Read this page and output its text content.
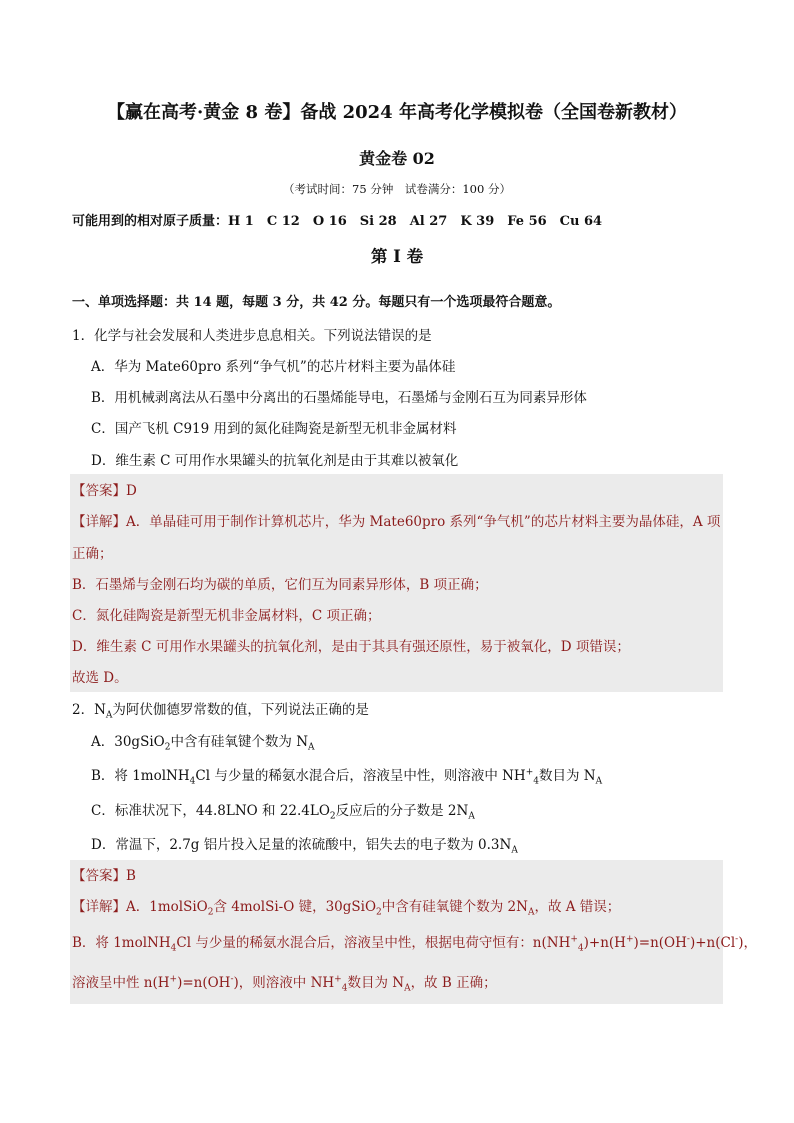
【赢在高考·黄金 8 卷】备战 2024 年高考化学模拟卷（全国卷新教材）
黄金卷 02
（考试时间：75 分钟　试卷满分：100 分）
可能用到的相对原子质量：H 1　C 12　O 16　Si 28　Al 27　K 39　Fe 56　Cu 64
第 I 卷
一、单项选择题：共 14 题，每题 3 分，共 42 分。每题只有一个选项最符合题意。
1．化学与社会发展和人类进步息息相关。下列说法错误的是
A．华为 Mate60pro 系列“争气机”的芯片材料主要为晶体硅
B．用机械剥离法从石墨中分离出的石墨烯能导电，石墨烯与金刚石互为同素异形体
C．国产飞机 C919 用到的氮化硅陶瓷是新型无机非金属材料
D．维生素 C 可用作水果罐头的抗氧化剂是由于其难以被氧化
【答案】D
【详解】A．单晶硅可用于制作计算机芯片，华为 Mate60pro 系列“争气机”的芯片材料主要为晶体硅，A 项
正确；
B．石墨烯与金刚石均为碳的单质，它们互为同素异形体，B 项正确；
C．氮化硅陶瓷是新型无机非金属材料，C 项正确；
D．维生素 C 可用作水果罐头的抗氧化剂，是由于其具有强还原性，易于被氧化，D 项错误；
故选 D。
2．$N_A$为阿伏伽德罗常数的值，下列说法正确的是
A．30gSiO$_2$中含有硅氧键个数为 $N_A$
B．将 1molNH$_4$Cl 与少量的稀氨水混合后，溶液呈中性，则溶液中 $NH^+_4$数目为 $N_A$
C．标准状况下，44.8LNO 和 $22.4LO_2$反应后的分子数是 $2N_A$
D．常温下，2.7g 铝片投入足量的浓硫酸中，铝失去的电子数为 $0.3N_A$
【答案】B
【详解】A．1molSiO$_2$含 4molSi-O 键，30gSiO$_2$中含有硅氧键个数为 $2N_A$，故 A 错误；
B．将 1molNH$_4$Cl 与少量的稀氨水混合后，溶液呈中性，根据电荷守恒有：$n(NH^+_4)+n(H^+)=n(OH^-)+n(Cl^-)$，
溶液呈中性 n(H+)=n(OH-)，则溶液中 $NH^+_4$数目为 $N_A$，故 B 正确；
